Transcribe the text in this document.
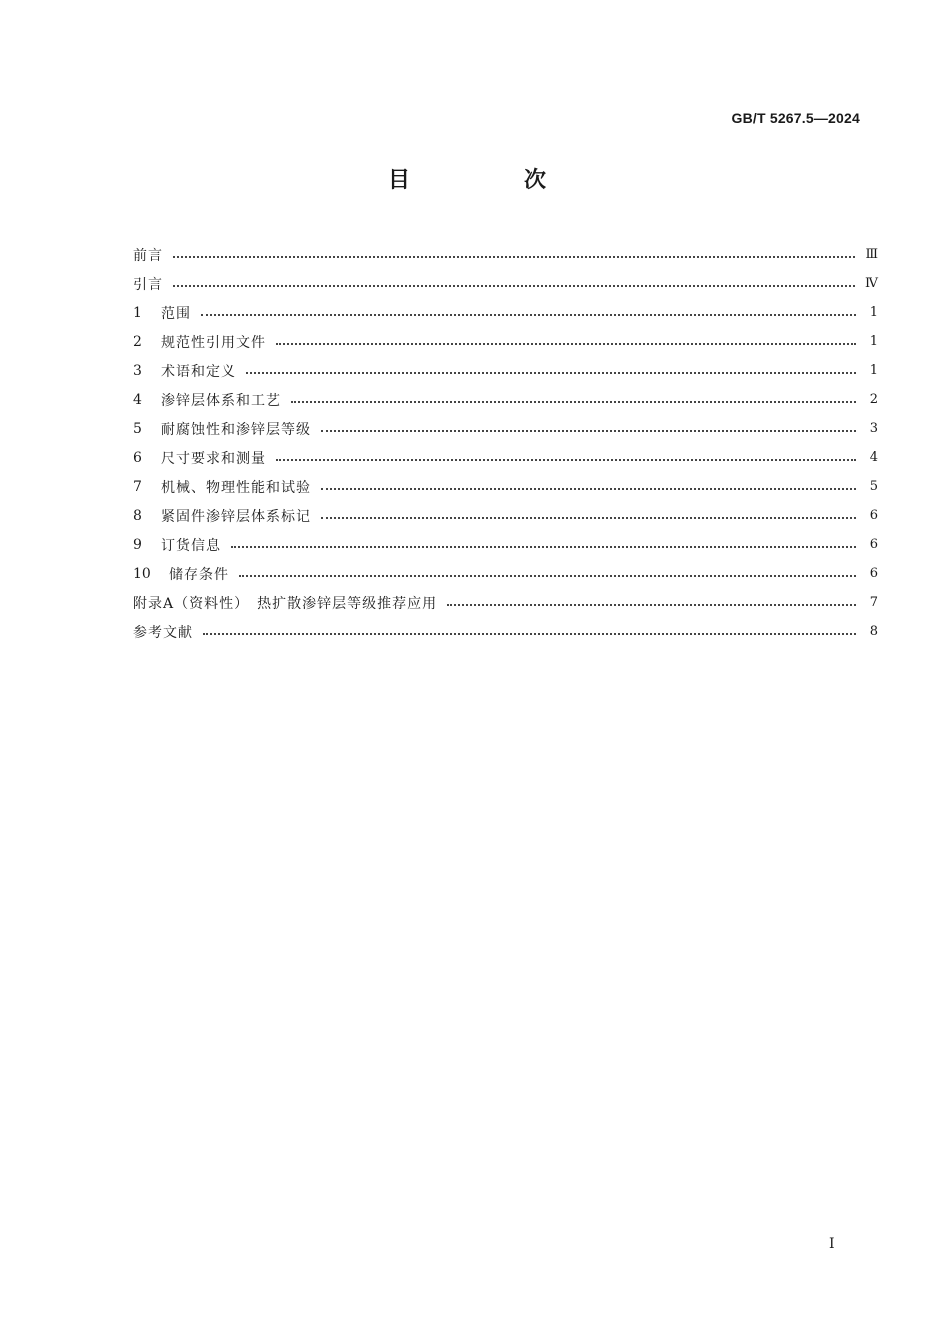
GB/T 5267.5—2024
目　次
前言	Ⅲ
引言	Ⅳ
1	范围	1
2	规范性引用文件	1
3	术语和定义	1
4	渗锌层体系和工艺	2
5	耐腐蚀性和渗锌层等级	3
6	尺寸要求和测量	4
7	机械、物理性能和试验	5
8	紧固件渗锌层体系标记	6
9	订货信息	6
10	储存条件	6
附录A（资料性）　热扩散渗锌层等级推荐应用	7
参考文献	8
Ⅰ
